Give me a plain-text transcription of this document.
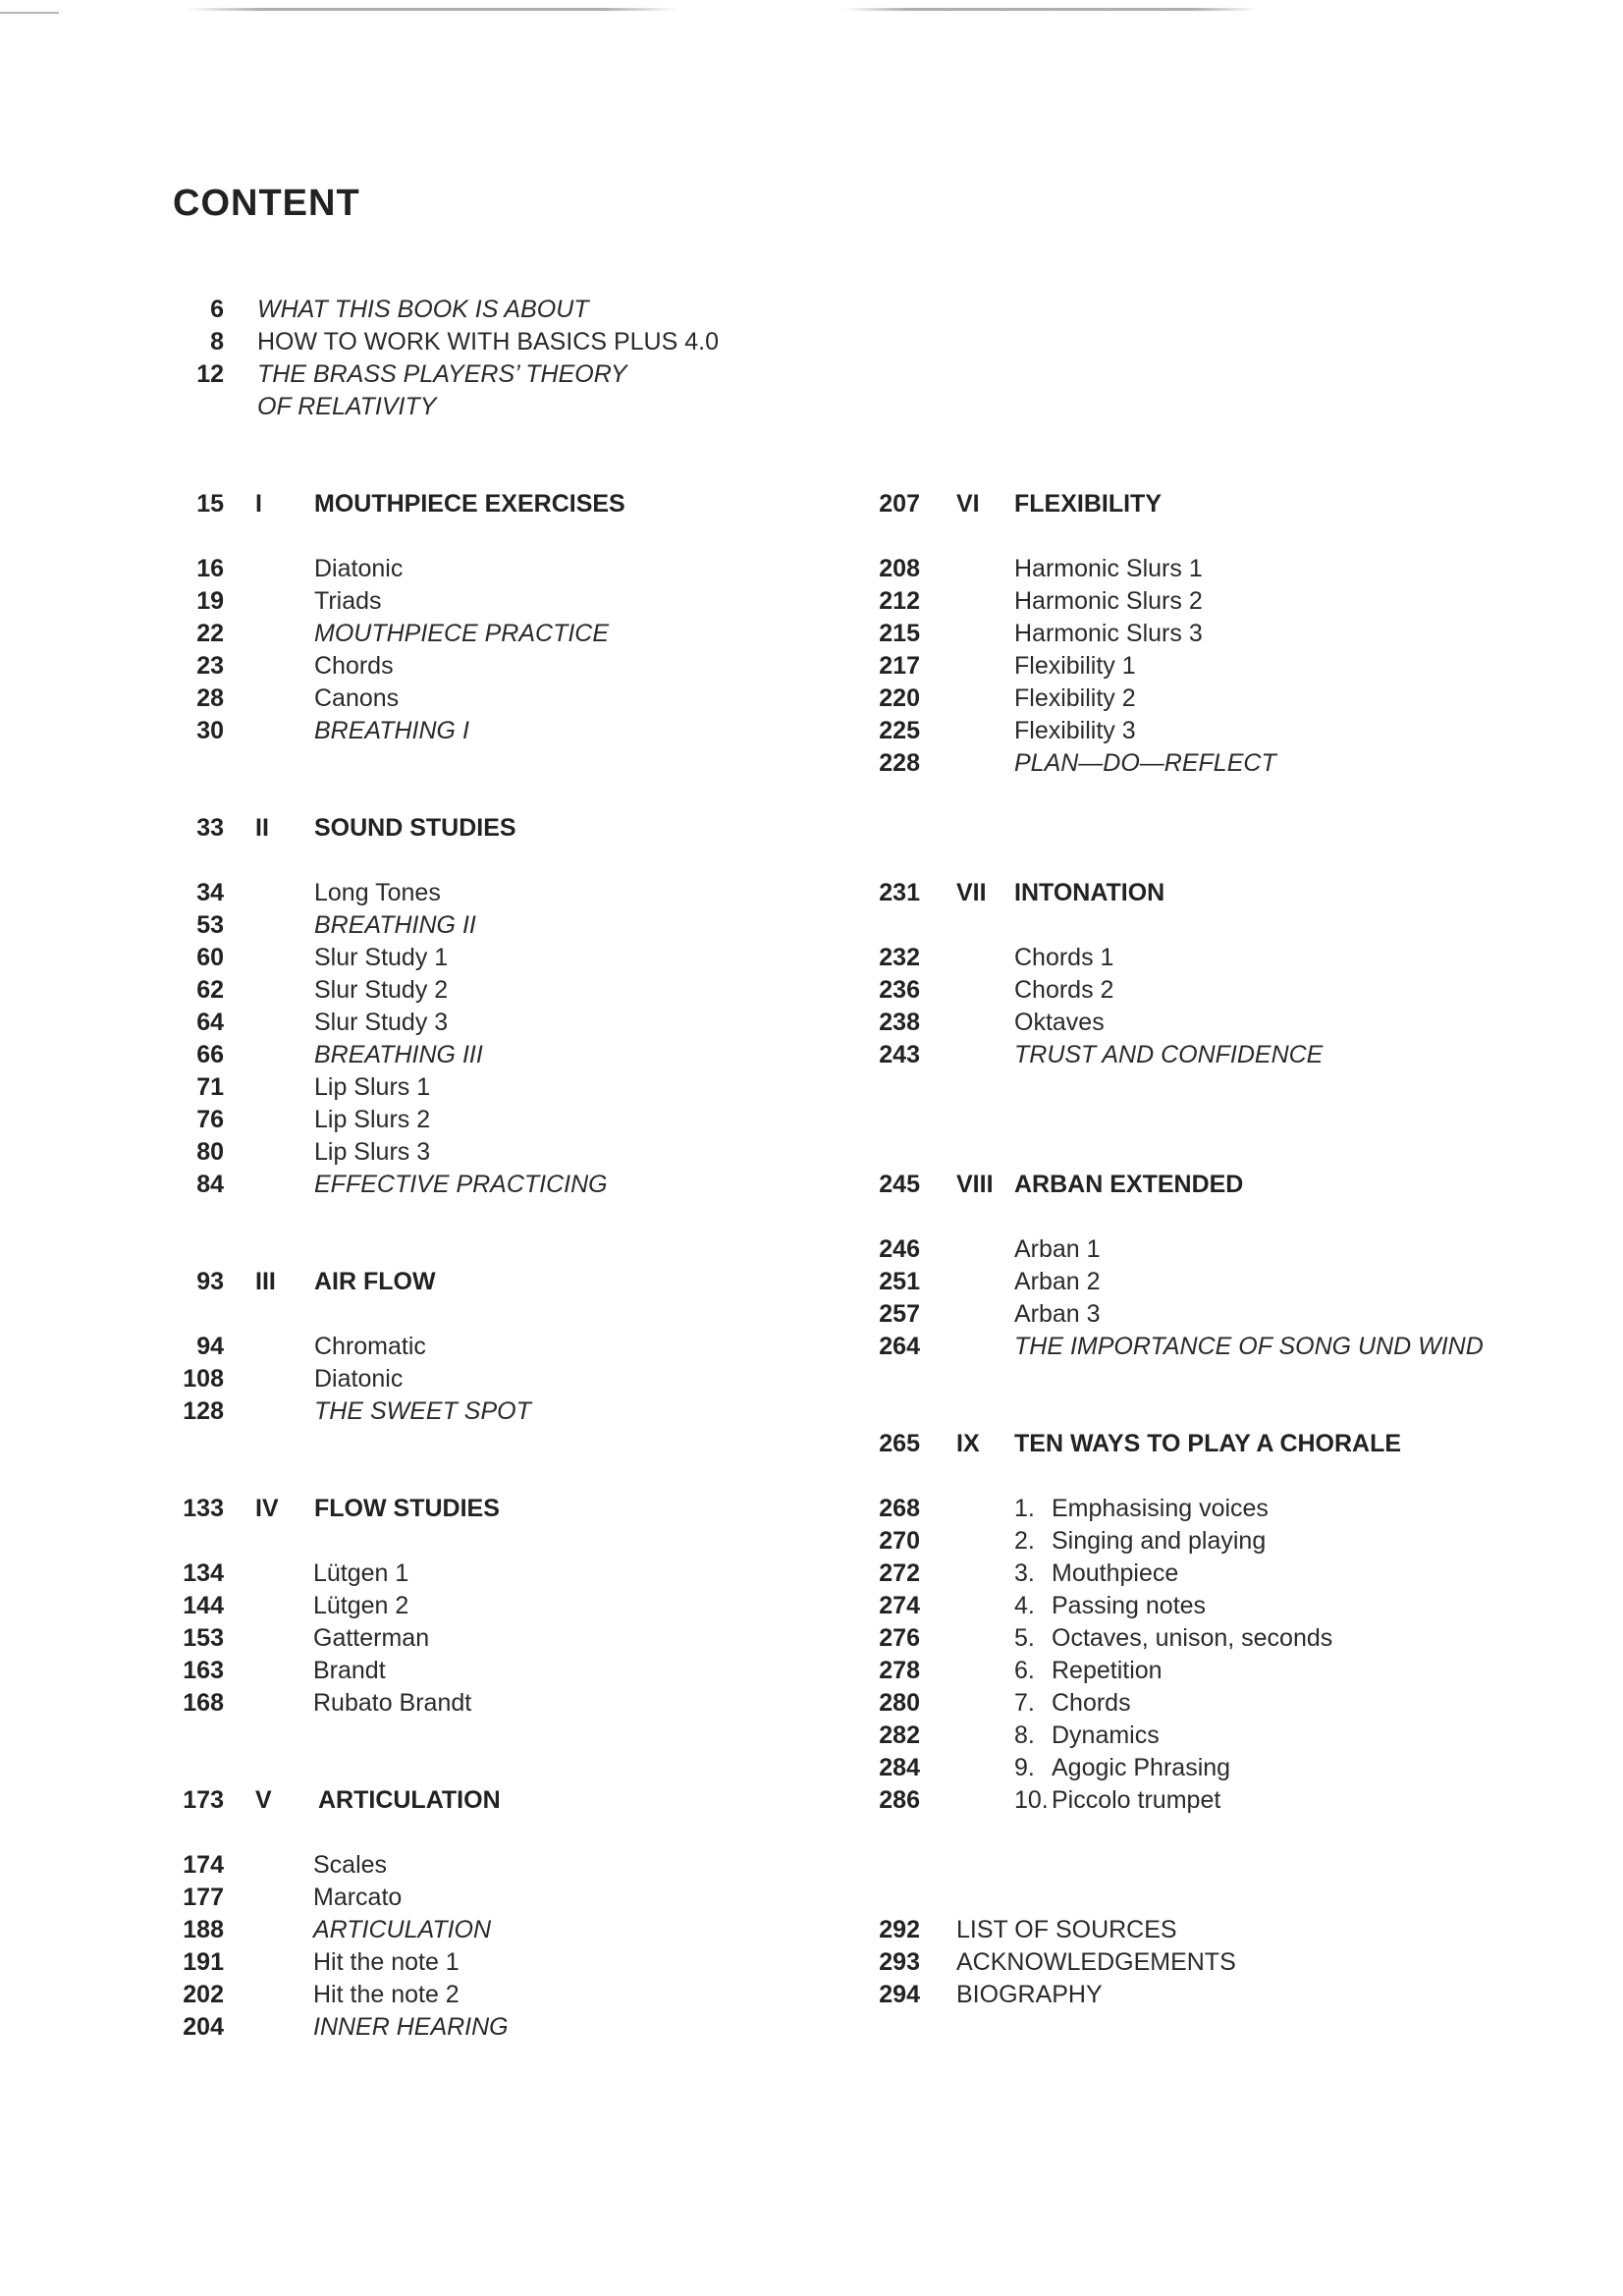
CONTENT
6 WHAT THIS BOOK IS ABOUT
8 HOW TO WORK WITH BASICS PLUS 4.0
12 THE BRASS PLAYERS’ THEORY
OF RELATIVITY
15 I MOUTHPIECE EXERCISES
16	Diatonic
19	Triads
22	MOUTHPIECE PRACTICE
23	Chords
28	Canons
30	BREATHING I
33 II SOUND STUDIES
34	Long Tones
53	BREATHING II
60	Slur Study 1
62	Slur Study 2
64	Slur Study 3
66	BREATHING III
71	Lip Slurs 1
76	Lip Slurs 2
80	Lip Slurs 3
84	EFFECTIVE PRACTICING
93 III AIR FLOW
94	Chromatic
108	Diatonic
128	THE SWEET SPOT
133 IV FLOW STUDIES
134	Lütgen 1
144	Lütgen 2
153	Gatterman
163	Brandt
168	Rubato Brandt
173 V ARTICULATION
174	Scales
177	Marcato
188	ARTICULATION
191	Hit the note 1
202	Hit the note 2
204	INNER HEARING
207 VI FLEXIBILITY
208	Harmonic Slurs 1
212	Harmonic Slurs 2
215	Harmonic Slurs 3
217	Flexibility 1
220	Flexibility 2
225	Flexibility 3
228	PLAN—DO—REFLECT
231 VII INTONATION
232	Chords 1
236	Chords 2
238	Oktaves
243	TRUST AND CONFIDENCE
245 VIII ARBAN EXTENDED
246	Arban 1
251	Arban 2
257	Arban 3
264	THE IMPORTANCE OF SONG UND WIND
265 IX TEN WAYS TO PLAY A CHORALE
268	1. Emphasising voices
270	2. Singing and playing
272	3. Mouthpiece
274	4. Passing notes
276	5. Octaves, unison, seconds
278	6. Repetition
280	7. Chords
282	8. Dynamics
284	9. Agogic Phrasing
286	10. Piccolo trumpet
292 LIST OF SOURCES
293 ACKNOWLEDGEMENTS
294 BIOGRAPHY
